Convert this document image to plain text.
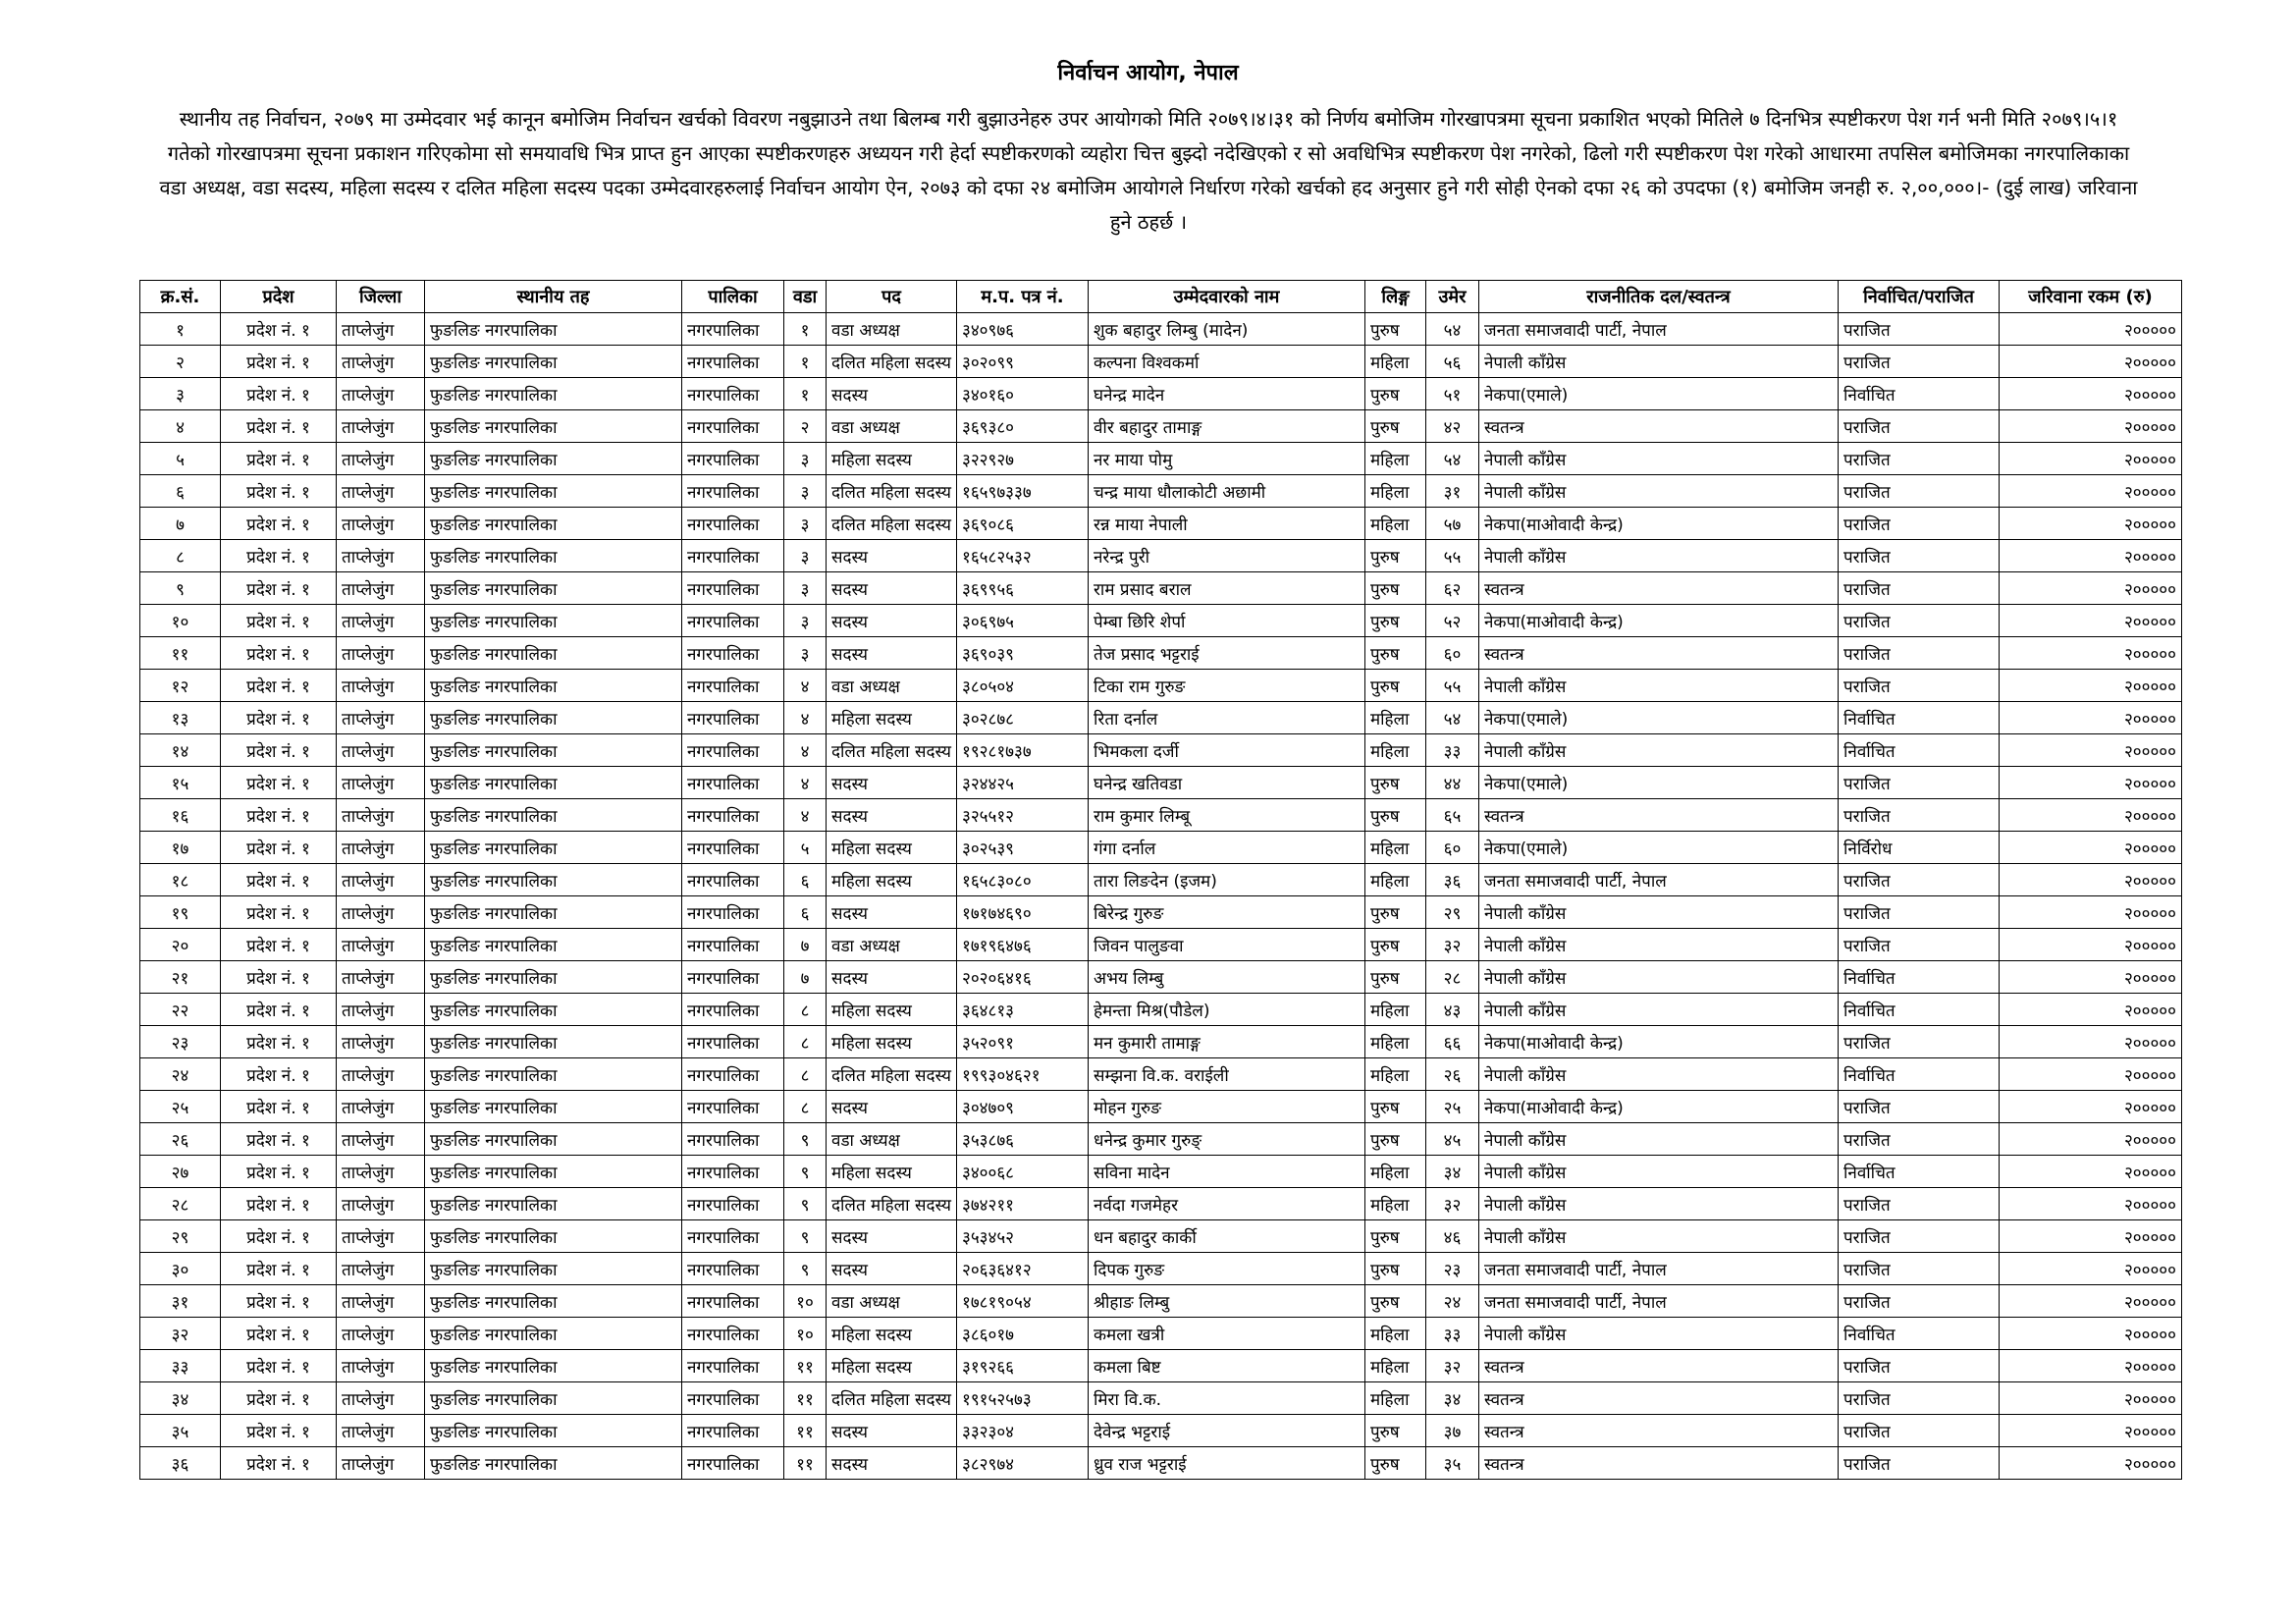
निर्वाचन आयोग, नेपाल
स्थानीय तह निर्वाचन, २०७९ मा उम्मेदवार भई कानून बमोजिम निर्वाचन खर्चको विवरण नबुझाउने तथा बिलम्ब गरी बुझाउनेहरु उपर आयोगको मिति २०७९।४।३१ को निर्णय बमोजिम गोरखापत्रमा सूचना प्रकाशित भएको मितिले ७ दिनभित्र स्पष्टीकरण पेश गर्न भनी मिति २०७९।५।१ गतेको गोरखापत्रमा सूचना प्रकाशन गरिएकोमा सो समयावधि भित्र प्राप्त हुन आएका स्पष्टीकरणहरु अध्ययन गरी हेर्दा स्पष्टीकरणको व्यहोरा चित्त बुझ्दो नदेखिएको र सो अवधिभित्र स्पष्टीकरण पेश नगरेको, ढिलो गरी स्पष्टीकरण पेश गरेको आधारमा तपसिल बमोजिमका नगरपालिकाका वडा अध्यक्ष, वडा सदस्य, महिला सदस्य र दलित महिला सदस्य पदका उम्मेदवारहरुलाई निर्वाचन आयोग ऐन, २०७३ को दफा २४ बमोजिम आयोगले निर्धारण गरेको खर्चको हद अनुसार हुने गरी सोही ऐनको दफा २६ को उपदफा (१) बमोजिम जनही रु. २,००,०००।- (दुई लाख) जरिवाना हुने ठहर्छ ।
क्र.सं.	प्रदेश	जिल्ला	स्थानीय तह	पालिका	वडा	पद	म.प. पत्र नं.	उम्मेदवारको नाम	लिङ्ग	उमेर	राजनीतिक दल/स्वतन्त्र	निर्वाचित/पराजित	जरिवाना रकम (रु)
१	प्रदेश नं. १	ताप्लेजुंग	फुङलिङ नगरपालिका	नगरपालिका	१	वडा अध्यक्ष	३४०९७६	शुक बहादुर लिम्बु (मादेन)	पुरुष	५४	जनता समाजवादी पार्टी, नेपाल	पराजित	२०००००
२	प्रदेश नं. १	ताप्लेजुंग	फुङलिङ नगरपालिका	नगरपालिका	१	दलित महिला सदस्य	३०२०९९	कल्पना विश्वकर्मा	महिला	५६	नेपाली काँग्रेस	पराजित	२०००००
३	प्रदेश नं. १	ताप्लेजुंग	फुङलिङ नगरपालिका	नगरपालिका	१	सदस्य	३४०१६०	घनेन्द्र मादेन	पुरुष	५१	नेकपा(एमाले)	निर्वाचित	२०००००
४	प्रदेश नं. १	ताप्लेजुंग	फुङलिङ नगरपालिका	नगरपालिका	२	वडा अध्यक्ष	३६९३८०	वीर बहादुर तामाङ्ग	पुरुष	४२	स्वतन्त्र	पराजित	२०००००
५	प्रदेश नं. १	ताप्लेजुंग	फुङलिङ नगरपालिका	नगरपालिका	३	महिला सदस्य	३२२९२७	नर माया पोमु	महिला	५४	नेपाली काँग्रेस	पराजित	२०००००
६	प्रदेश नं. १	ताप्लेजुंग	फुङलिङ नगरपालिका	नगरपालिका	३	दलित महिला सदस्य	१६५९७३३७	चन्द्र माया धौलाकोटी अछामी	महिला	३१	नेपाली काँग्रेस	पराजित	२०००००
७	प्रदेश नं. १	ताप्लेजुंग	फुङलिङ नगरपालिका	नगरपालिका	३	दलित महिला सदस्य	३६९०८६	रन्न माया नेपाली	महिला	५७	नेकपा(माओवादी केन्द्र)	पराजित	२०००००
८	प्रदेश नं. १	ताप्लेजुंग	फुङलिङ नगरपालिका	नगरपालिका	३	सदस्य	१६५८२५३२	नरेन्द्र पुरी	पुरुष	५५	नेपाली काँग्रेस	पराजित	२०००००
९	प्रदेश नं. १	ताप्लेजुंग	फुङलिङ नगरपालिका	नगरपालिका	३	सदस्य	३६९९५६	राम प्रसाद बराल	पुरुष	६२	स्वतन्त्र	पराजित	२०००००
१०	प्रदेश नं. १	ताप्लेजुंग	फुङलिङ नगरपालिका	नगरपालिका	३	सदस्य	३०६९७५	पेम्बा छिरि शेर्पा	पुरुष	५२	नेकपा(माओवादी केन्द्र)	पराजित	२०००००
११	प्रदेश नं. १	ताप्लेजुंग	फुङलिङ नगरपालिका	नगरपालिका	३	सदस्य	३६९०३९	तेज प्रसाद भट्टराई	पुरुष	६०	स्वतन्त्र	पराजित	२०००००
१२	प्रदेश नं. १	ताप्लेजुंग	फुङलिङ नगरपालिका	नगरपालिका	४	वडा अध्यक्ष	३८०५०४	टिका राम गुरुङ	पुरुष	५५	नेपाली काँग्रेस	पराजित	२०००००
१३	प्रदेश नं. १	ताप्लेजुंग	फुङलिङ नगरपालिका	नगरपालिका	४	महिला सदस्य	३०२८७८	रिता दर्नाल	महिला	५४	नेकपा(एमाले)	निर्वाचित	२०००००
१४	प्रदेश नं. १	ताप्लेजुंग	फुङलिङ नगरपालिका	नगरपालिका	४	दलित महिला सदस्य	१९२८१७३७	भिमकला दर्जी	महिला	३३	नेपाली काँग्रेस	निर्वाचित	२०००००
१५	प्रदेश नं. १	ताप्लेजुंग	फुङलिङ नगरपालिका	नगरपालिका	४	सदस्य	३२४४२५	घनेन्द्र खतिवडा	पुरुष	४४	नेकपा(एमाले)	पराजित	२०००००
१६	प्रदेश नं. १	ताप्लेजुंग	फुङलिङ नगरपालिका	नगरपालिका	४	सदस्य	३२५५१२	राम कुमार लिम्बू	पुरुष	६५	स्वतन्त्र	पराजित	२०००००
१७	प्रदेश नं. १	ताप्लेजुंग	फुङलिङ नगरपालिका	नगरपालिका	५	महिला सदस्य	३०२५३९	गंगा दर्नाल	महिला	६०	नेकपा(एमाले)	निर्विरोध	२०००००
१८	प्रदेश नं. १	ताप्लेजुंग	फुङलिङ नगरपालिका	नगरपालिका	६	महिला सदस्य	१६५८३०८०	तारा लिङदेन (इजम)	महिला	३६	जनता समाजवादी पार्टी, नेपाल	पराजित	२०००००
१९	प्रदेश नं. १	ताप्लेजुंग	फुङलिङ नगरपालिका	नगरपालिका	६	सदस्य	१७१७४६९०	बिरेन्द्र गुरुङ	पुरुष	२९	नेपाली काँग्रेस	पराजित	२०००००
२०	प्रदेश नं. १	ताप्लेजुंग	फुङलिङ नगरपालिका	नगरपालिका	७	वडा अध्यक्ष	१७१९६४७६	जिवन पालुङवा	पुरुष	३२	नेपाली काँग्रेस	पराजित	२०००००
२१	प्रदेश नं. १	ताप्लेजुंग	फुङलिङ नगरपालिका	नगरपालिका	७	सदस्य	२०२०६४१६	अभय लिम्बु	पुरुष	२८	नेपाली काँग्रेस	निर्वाचित	२०००००
२२	प्रदेश नं. १	ताप्लेजुंग	फुङलिङ नगरपालिका	नगरपालिका	८	महिला सदस्य	३६४८१३	हेमन्ता मिश्र(पौडेल)	महिला	४३	नेपाली काँग्रेस	निर्वाचित	२०००००
२३	प्रदेश नं. १	ताप्लेजुंग	फुङलिङ नगरपालिका	नगरपालिका	८	महिला सदस्य	३५२०९१	मन कुमारी तामाङ्ग	महिला	६६	नेकपा(माओवादी केन्द्र)	पराजित	२०००००
२४	प्रदेश नं. १	ताप्लेजुंग	फुङलिङ नगरपालिका	नगरपालिका	८	दलित महिला सदस्य	१९९३०४६२१	सम्झना वि.क. वराईली	महिला	२६	नेपाली काँग्रेस	निर्वाचित	२०००००
२५	प्रदेश नं. १	ताप्लेजुंग	फुङलिङ नगरपालिका	नगरपालिका	८	सदस्य	३०४७०९	मोहन गुरुङ	पुरुष	२५	नेकपा(माओवादी केन्द्र)	पराजित	२०००००
२६	प्रदेश नं. १	ताप्लेजुंग	फुङलिङ नगरपालिका	नगरपालिका	९	वडा अध्यक्ष	३५३८७६	धनेन्द्र कुमार गुरुङ्	पुरुष	४५	नेपाली काँग्रेस	पराजित	२०००००
२७	प्रदेश नं. १	ताप्लेजुंग	फुङलिङ नगरपालिका	नगरपालिका	९	महिला सदस्य	३४००६८	सविना मादेन	महिला	३४	नेपाली काँग्रेस	निर्वाचित	२०००००
२८	प्रदेश नं. १	ताप्लेजुंग	फुङलिङ नगरपालिका	नगरपालिका	९	दलित महिला सदस्य	३७४२११	नर्वदा गजमेहर	महिला	३२	नेपाली काँग्रेस	पराजित	२०००००
२९	प्रदेश नं. १	ताप्लेजुंग	फुङलिङ नगरपालिका	नगरपालिका	९	सदस्य	३५३४५२	धन बहादुर कार्की	पुरुष	४६	नेपाली काँग्रेस	पराजित	२०००००
३०	प्रदेश नं. १	ताप्लेजुंग	फुङलिङ नगरपालिका	नगरपालिका	९	सदस्य	२०६३६४१२	दिपक गुरुङ	पुरुष	२३	जनता समाजवादी पार्टी, नेपाल	पराजित	२०००००
३१	प्रदेश नं. १	ताप्लेजुंग	फुङलिङ नगरपालिका	नगरपालिका	१०	वडा अध्यक्ष	१७८१९०५४	श्रीहाङ लिम्बु	पुरुष	२४	जनता समाजवादी पार्टी, नेपाल	पराजित	२०००००
३२	प्रदेश नं. १	ताप्लेजुंग	फुङलिङ नगरपालिका	नगरपालिका	१०	महिला सदस्य	३८६०१७	कमला खत्री	महिला	३३	नेपाली काँग्रेस	निर्वाचित	२०००००
३३	प्रदेश नं. १	ताप्लेजुंग	फुङलिङ नगरपालिका	नगरपालिका	११	महिला सदस्य	३१९२६६	कमला बिष्ट	महिला	३२	स्वतन्त्र	पराजित	२०००००
३४	प्रदेश नं. १	ताप्लेजुंग	फुङलिङ नगरपालिका	नगरपालिका	११	दलित महिला सदस्य	१९१५२५७३	मिरा वि.क.	महिला	३४	स्वतन्त्र	पराजित	२०००००
३५	प्रदेश नं. १	ताप्लेजुंग	फुङलिङ नगरपालिका	नगरपालिका	११	सदस्य	३३२३०४	देवेन्द्र भट्टराई	पुरुष	३७	स्वतन्त्र	पराजित	२०००००
३६	प्रदेश नं. १	ताप्लेजुंग	फुङलिङ नगरपालिका	नगरपालिका	११	सदस्य	३८२९७४	ध्रुव राज भट्टराई	पुरुष	३५	स्वतन्त्र	पराजित	२०००००
